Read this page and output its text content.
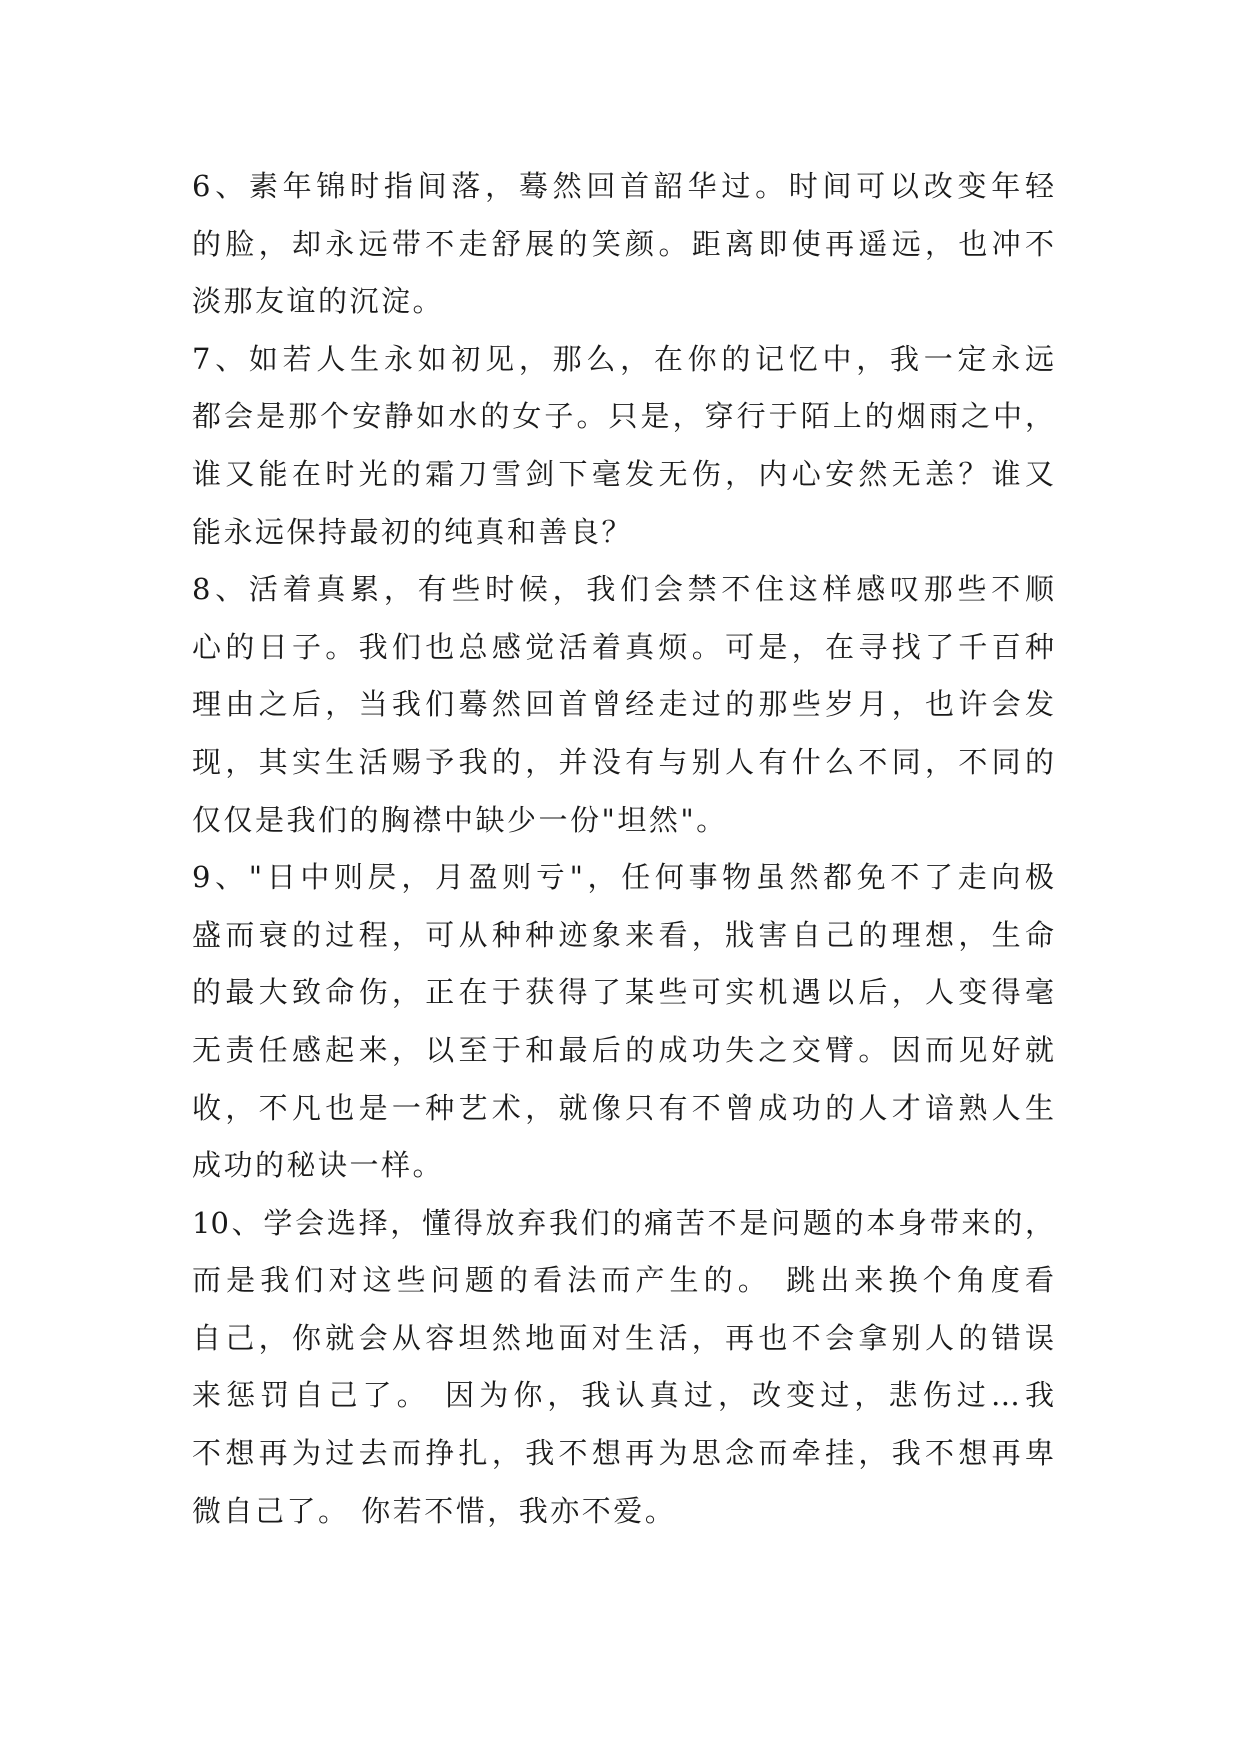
6、素年锦时指间落，蓦然回首韶华过。时间可以改变年轻
的脸，却永远带不走舒展的笑颜。距离即使再遥远，也冲不
淡那友谊的沉淀。
7、如若人生永如初见，那么，在你的记忆中，我一定永远
都会是那个安静如水的女子。只是，穿行于陌上的烟雨之中，
谁又能在时光的霜刀雪剑下毫发无伤，内心安然无恙？谁又
能永远保持最初的纯真和善良？
8、活着真累，有些时候，我们会禁不住这样感叹那些不顺
心的日子。我们也总感觉活着真烦。可是，在寻找了千百种
理由之后，当我们蓦然回首曾经走过的那些岁月，也许会发
现，其实生活赐予我的，并没有与别人有什么不同，不同的
仅仅是我们的胸襟中缺少一份"坦然"。
9、"日中则昃，月盈则亏"，任何事物虽然都免不了走向极
盛而衰的过程，可从种种迹象来看，戕害自己的理想，生命
的最大致命伤，正在于获得了某些可实机遇以后，人变得毫
无责任感起来，以至于和最后的成功失之交臂。因而见好就
收，不凡也是一种艺术，就像只有不曾成功的人才谙熟人生
成功的秘诀一样。
10、学会选择，懂得放弃我们的痛苦不是问题的本身带来的，
而是我们对这些问题的看法而产生的。 跳出来换个角度看
自己，你就会从容坦然地面对生活，再也不会拿别人的错误
来惩罚自己了。 因为你，我认真过，改变过，悲伤过…我
不想再为过去而挣扎，我不想再为思念而牵挂，我不想再卑
微自己了。 你若不惜，我亦不爱。
